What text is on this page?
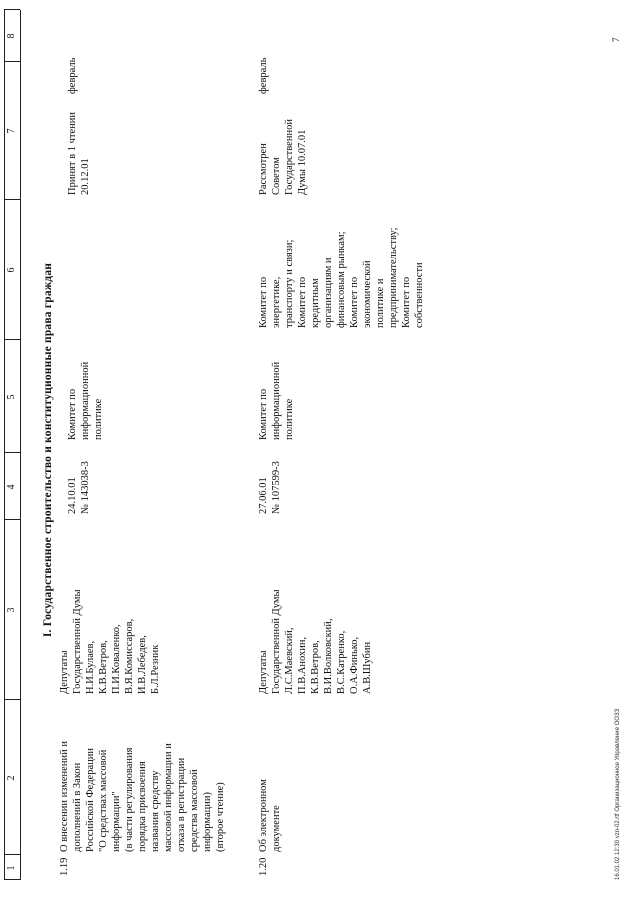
1
2
3
4
5
6
7
8
I. Государственное строительство и конституционные права граждан
1.19
О внесении изменений и
дополнений в Закон
Российской Федерации
"О средствах массовой
информации"
(в части регулирования
порядка присвоения
названия средству
массовой информации и
отказа в регистрации
средства массовой
информации)
(второе чтение)
Депутаты
Государственной Думы
Н.И.Булаев,
К.В.Ветров,
П.И.Коваленко,
В.Я.Комиссаров,
И.В.Лебедев,
Б.Л.Резник
24.10.01
№ 143038-3
Комитет по
информационной
политике
Принят в 1 чтении
20.12.01
февраль
1.20
Об электронном
документе
Депутаты
Государственной Думы
Л.С.Маевский,
П.В.Анохин,
К.В.Ветров,
В.И.Волковский,
В.С.Катренко,
О.А.Финько,
А.В.Шубин
27.06.01
№ 107599-3
Комитет по
информационной
политике
Комитет по
энергетике,
транспорту и связи;
Комитет по
кредитным
организациям и
финансовым рынкам;
Комитет по
экономической
политике и
предпринимательству;
Комитет по
собственности
Рассмотрен
Советом
Государственной
Думы 10.07.01
февраль
16.01.02 12:30 vzn-02.rtf Организационное Управление ООЗЗ
7
